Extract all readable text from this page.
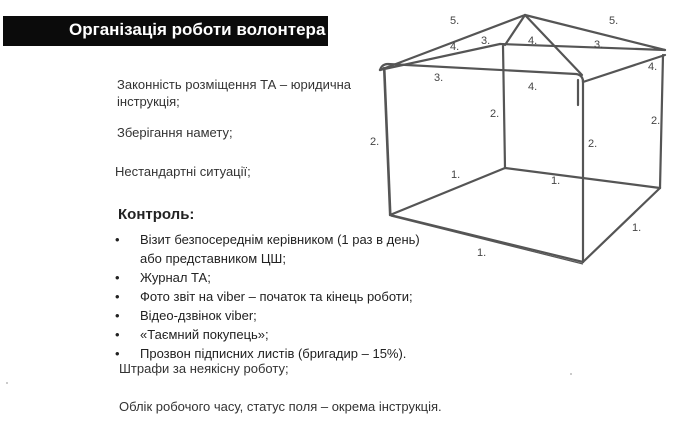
Організація роботи волонтера
Законність розміщення ТА – юридична
інструкція;
Зберігання намету;
Нестандартні ситуації;
Контроль:
• Візит безпосереднім керівником (1 раз в день)
або представником ЦШ;
• Журнал ТА;
• Фото звіт на viber – початок та кінець роботи;
• Відео-дзвінок viber;
• «Таємний покупець»;
• Прозвон підписних листів (бригадир – 15%).
Штрафи за неякісну роботу;
Облік робочого часу, статус поля – окрема інструкція.
5.	5.
4. 3.	4.	3.
4.
3.
4.
2.
2.
2.
2.
1.	1.
1.
1.
